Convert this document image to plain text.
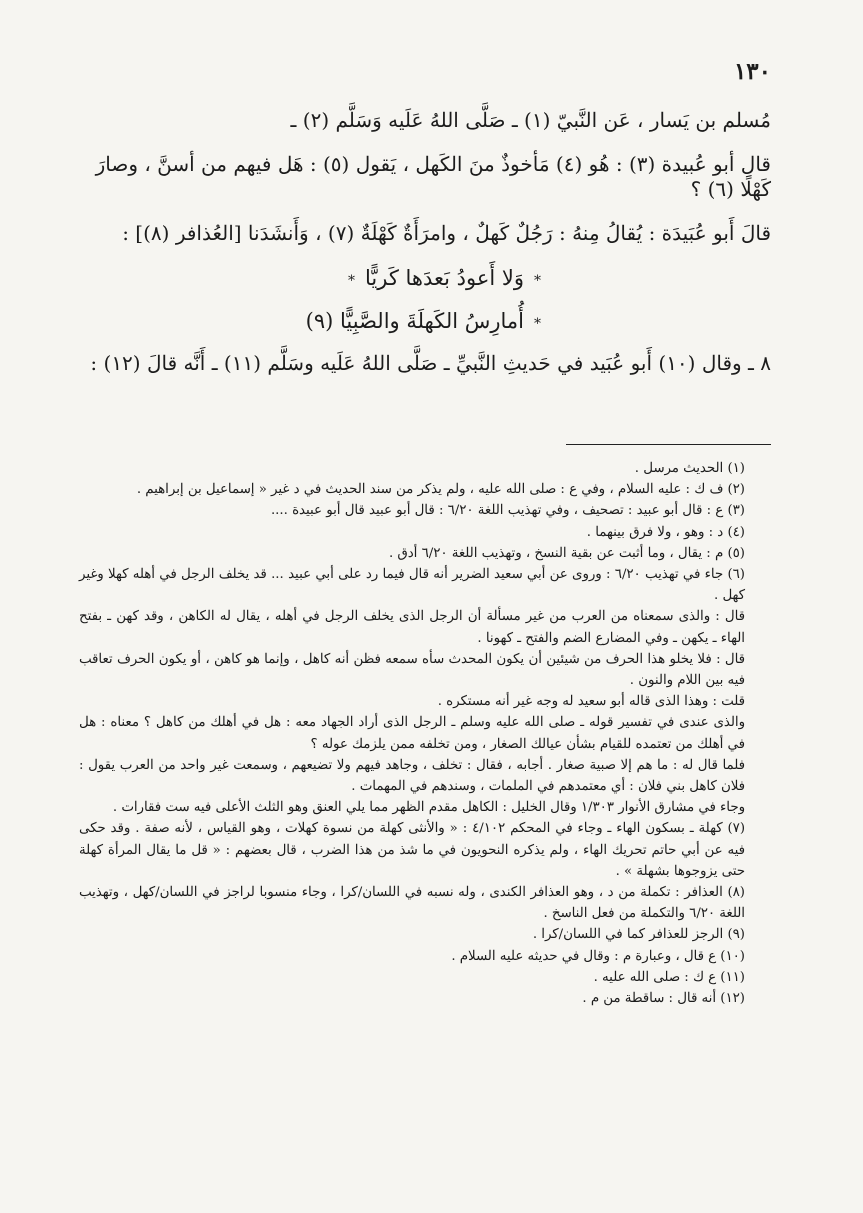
١٣٠

مُسلم بن يَسار ، عَن النَّبيّ (١) ـ صَلَّى اللهُ عَلَيه وَسَلَّم (٢) ـ

قال أبو عُبيدة (٣) : هُو (٤) مَأخوذٌ منَ الكَهل ، يَقول (٥) : هَل فيهم من أسنَّ ، وصارَ كَهْلًا (٦) ؟

قالَ أَبو عُبَيدَة : يُقالُ مِنهُ : رَجُلٌ كَهلٌ ، وامرَأَةٌ كَهْلَةٌ (٧) ، وَأَنشَدَنا [العُذافر (٨)] :

*وَلا أَعودُ بَعدَها كَريًّا*

*أُمارِسُ الكَهلَةَ والصَّبِيًّا (٩)

٨ ـ وقال (١٠) أَبو عُبَيد في حَديثِ النَّبيِّ ـ صَلَّى اللهُ عَلَيه وسَلَّم (١١) ـ أَنَّه قالَ (١٢) :

(١) الحديث مرسل .

(٢) ف ك : عليه السلام ، وفي ع : صلى الله عليه ، ولم يذكر من سند الحديث في د غير « إسماعيل بن إبراهيم .

(٣) ع : قال أبو عبيد : تصحيف ، وفي تهذيب اللغة ٦/٢٠ : قال أبو عبيد قال أبو عبيدة ....

(٤) د : وهو ، ولا فرق بينهما .

(٥) م : يقال ، وما أثبت عن بقية النسخ ، وتهذيب اللغة ٦/٢٠ أدق .

(٦) جاء في تهذيب ٦/٢٠ : وروى عن أبي سعيد الضرير أنه قال فيما رد على أبي عبيد ... قد يخلف الرجل في أهله كهلا وغير كهل .

قال : والذى سمعناه من العرب من غير مسألة أن الرجل الذى يخلف الرجل في أهله ، يقال له الكاهن ، وقد كهن ـ بفتح الهاء ـ يكهن ـ وفي المضارع الضم والفتح ـ كهونا .

قال : فلا يخلو هذا الحرف من شيئين أن يكون المحدث سأه سمعه فظن أنه كاهل ، وإنما هو كاهن ، أو يكون الحرف تعاقب فيه بين اللام والنون .

قلت : وهذا الذى قاله أبو سعيد له وجه غير أنه مستكره .

والذى عندى في تفسير قوله ـ صلى الله عليه وسلم ـ الرجل الذى أراد الجهاد معه : هل في أهلك من كاهل ؟ معناه : هل في أهلك من تعتمده للقيام بشأن عيالك الصغار ، ومن تخلفه ممن يلزمك عوله ؟

فلما قال له : ما هم إلا صبية صغار . أجابه ، فقال : تخلف ، وجاهد فيهم ولا تضيعهم ، وسمعت غير واحد من العرب يقول : فلان كاهل بني فلان : أي معتمدهم في الملمات ، وسندهم في المهمات .

وجاء في مشارق الأنوار ١/٣٠٣ وقال الخليل : الكاهل مقدم الظهر مما يلي العنق وهو الثلث الأعلى فيه ست فقارات .

(٧) كهلة ـ بسكون الهاء ـ وجاء في المحكم ٤/١٠٢ : « والأنثى كهلة من نسوة كهلات ، وهو القياس ، لأنه صفة . وقد حكى فيه عن أبي حاتم تحريك الهاء ، ولم يذكره النحويون في ما شذ من هذا الضرب ، قال بعضهم : « قل ما يقال المرأة كهلة حتى يزوجوها بشهلة » .

(٨) العذافر : تكملة من د ، وهو العذافر الكندى ، وله نسبه في اللسان/كرا ، وجاء منسوبا لراجز في اللسان/كهل ، وتهذيب اللغة ٦/٢٠ والتكملة من فعل الناسخ .

(٩) الرجز للعذافر كما في اللسان/كرا .

(١٠) ع قال ، وعبارة م : وقال في حديثه عليه السلام .

(١١) ع ك : صلى الله عليه .

(١٢) أنه قال : ساقطة من م .
